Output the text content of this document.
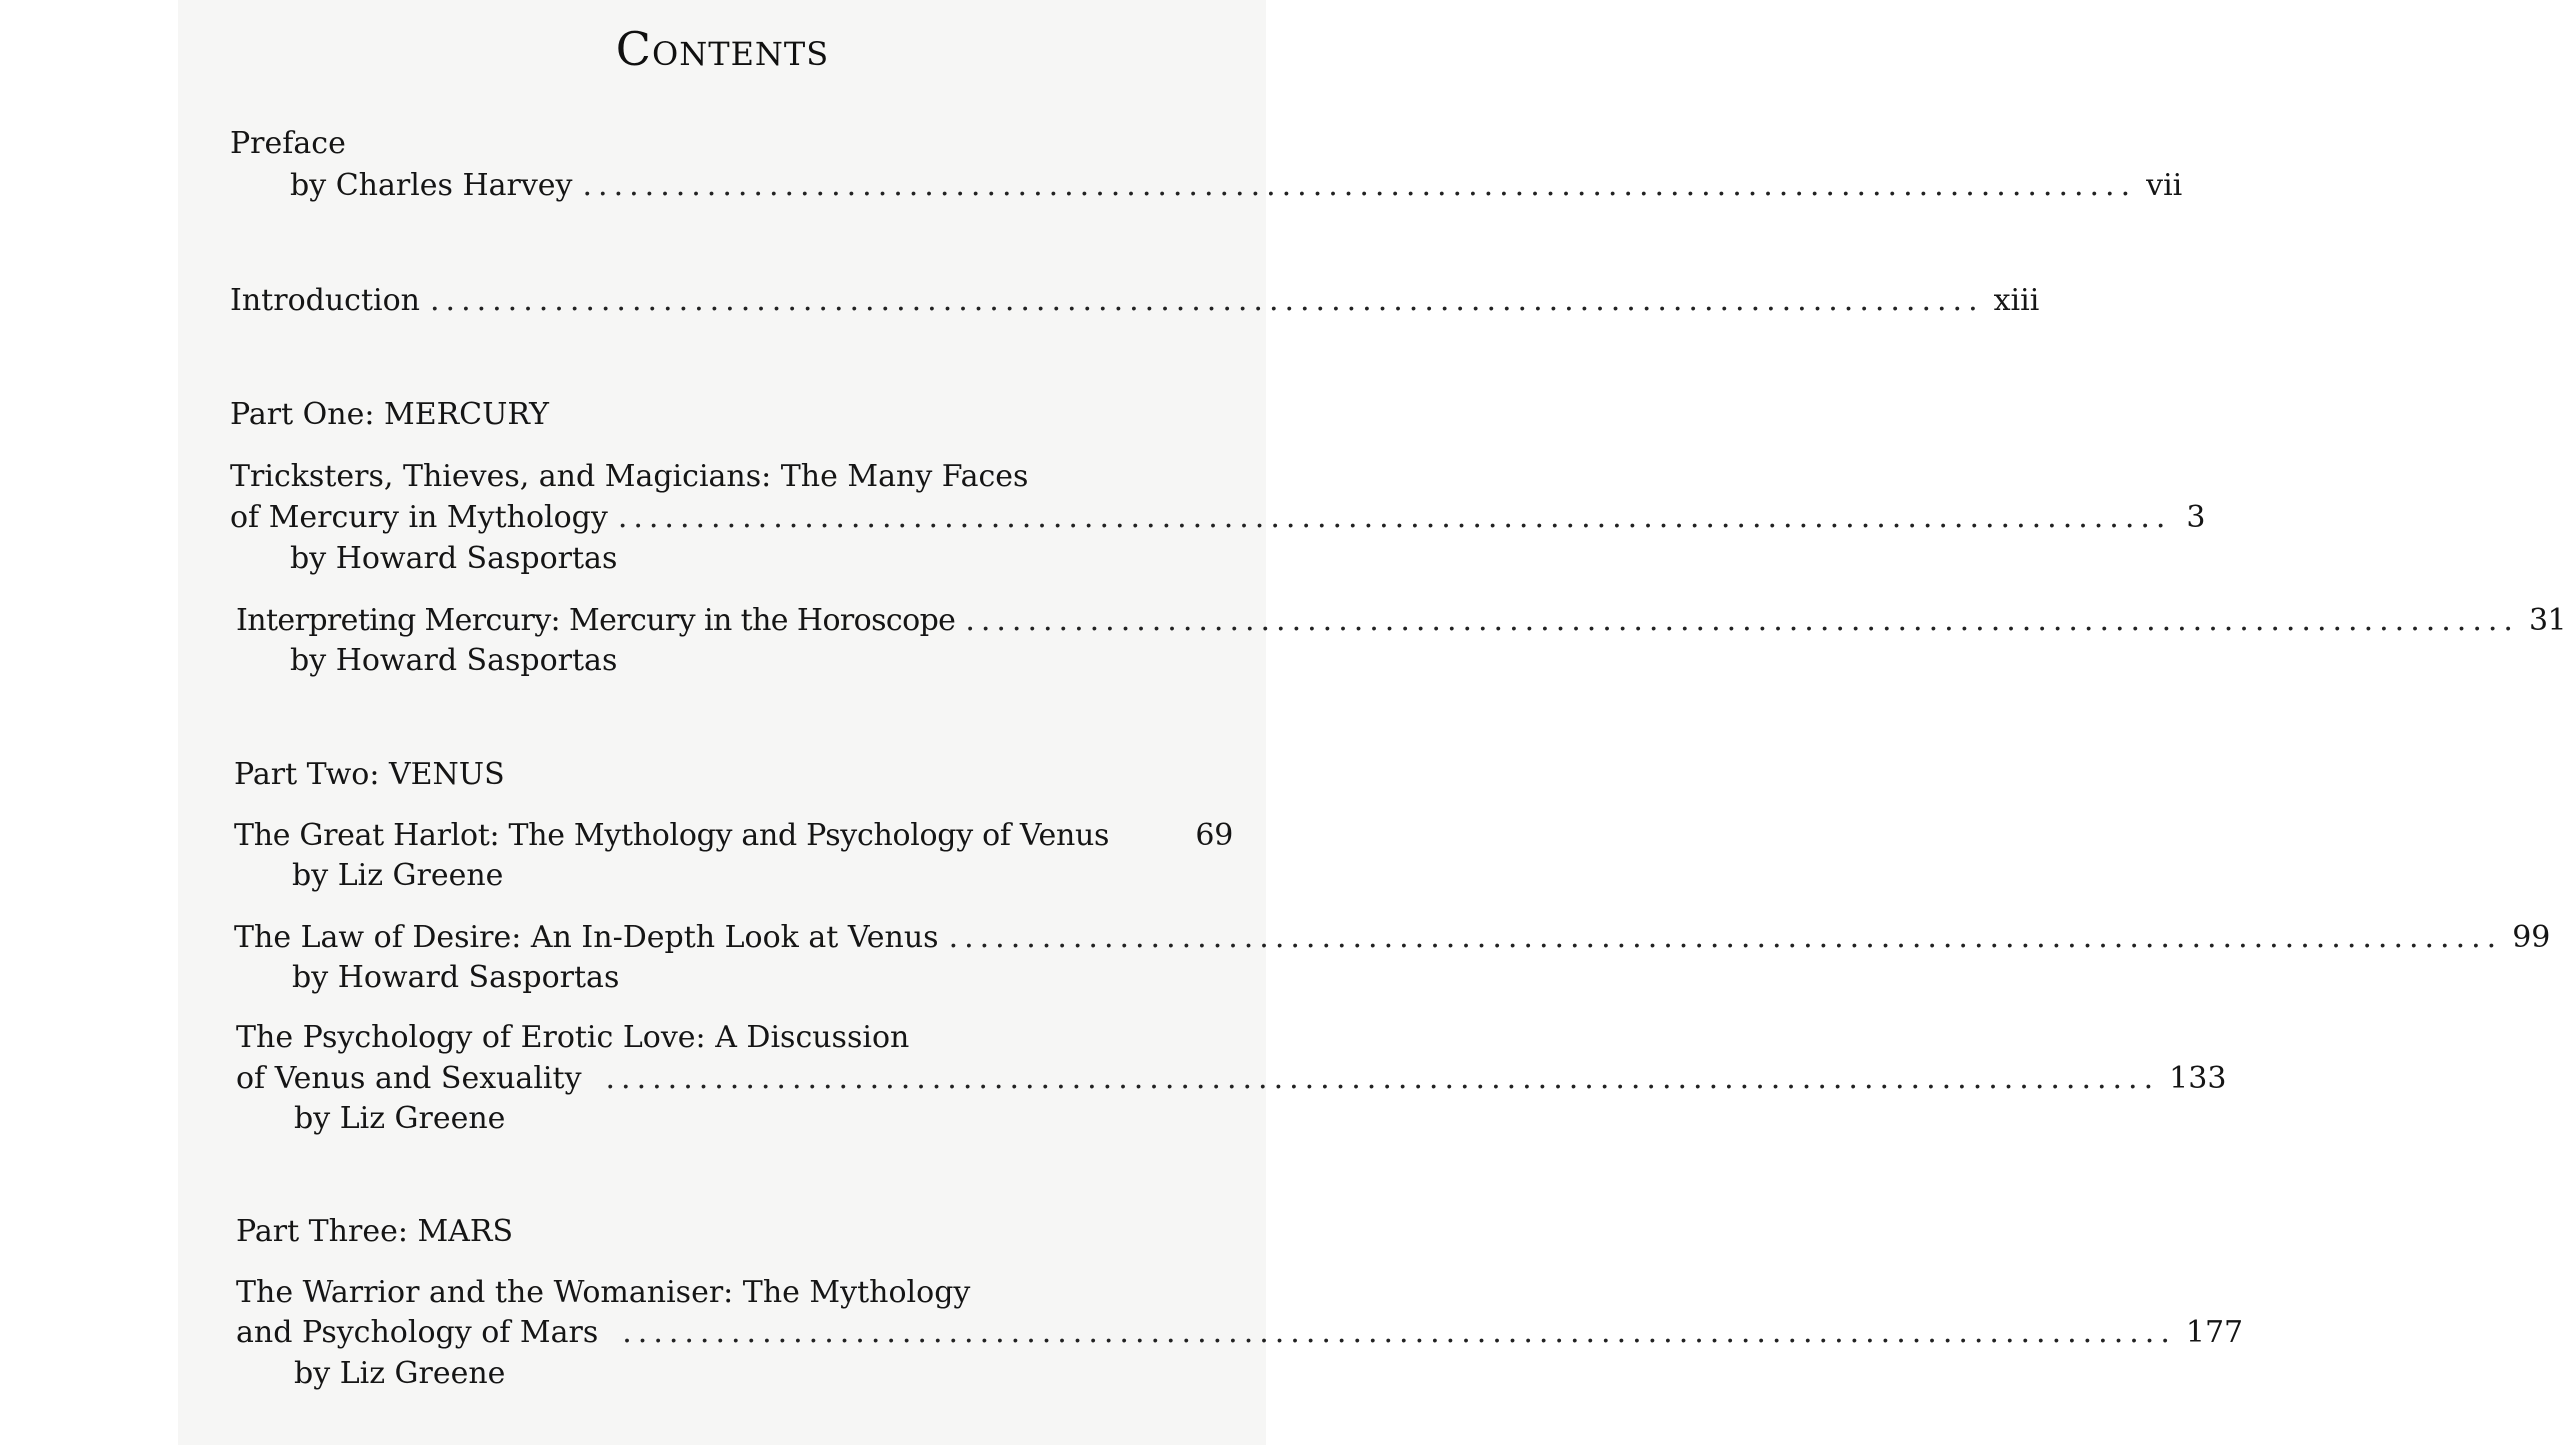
Contents
Preface
by Charles Harvey .................................................................................................... vii
Introduction .................................................................................................... xiii
Part One: MERCURY
Tricksters, Thieves, and Magicians: The Many Faces
of Mercury in Mythology .................................................................................................... 3
by Howard Sasportas
Interpreting Mercury: Mercury in the Horoscope .................................................................................................... 31
by Howard Sasportas
Part Two: VENUS
The Great Harlot: The Mythology and Psychology of Venus	69
by Liz Greene
The Law of Desire: An In-Depth Look at Venus .................................................................................................... 99
by Howard Sasportas
The Psychology of Erotic Love: A Discussion
of Venus and Sexuality .................................................................................................... 133
by Liz Greene
Part Three: MARS
The Warrior and the Womaniser: The Mythology
and Psychology of Mars .................................................................................................... 177
by Liz Greene
